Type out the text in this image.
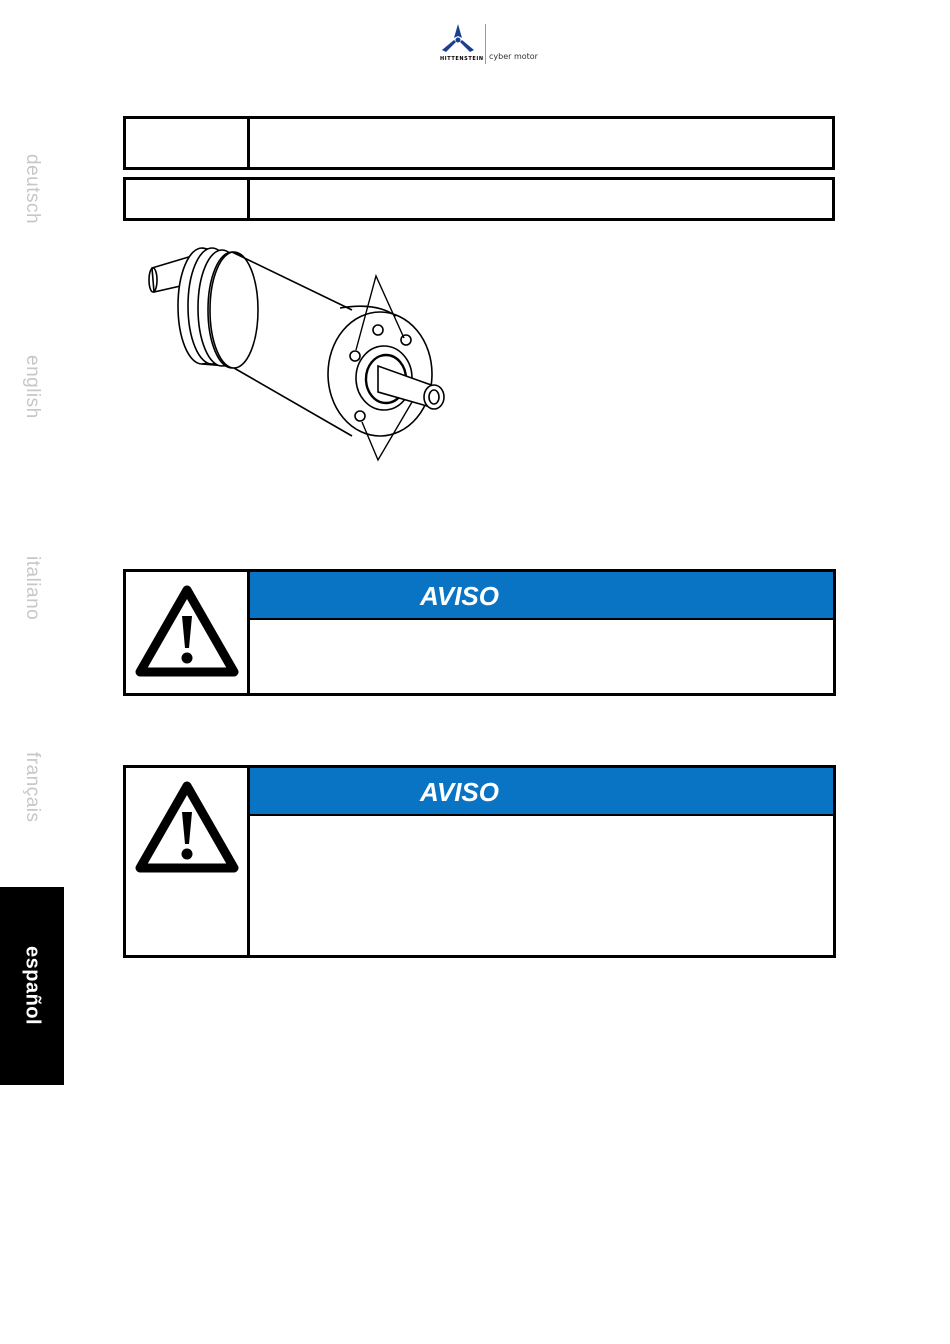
HITTENSTEIN cyber motor
deutsch
english
italiano
français
español
AVISO
AVISO
